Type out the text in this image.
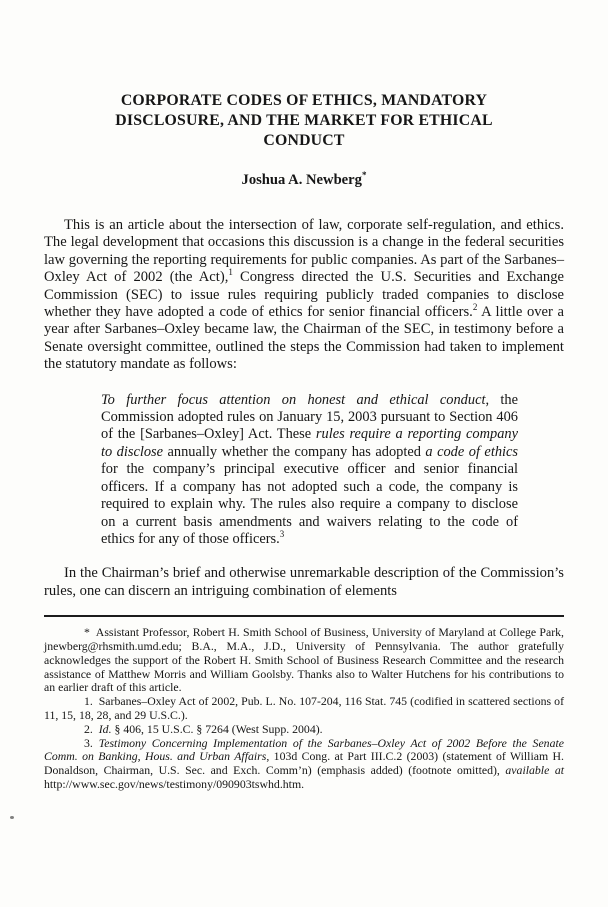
CORPORATE CODES OF ETHICS, MANDATORY DISCLOSURE, AND THE MARKET FOR ETHICAL CONDUCT
Joshua A. Newberg*

This is an article about the intersection of law, corporate self-regulation, and ethics. The legal development that occasions this discussion is a change in the federal securities law governing the reporting requirements for public companies. As part of the Sarbanes–Oxley Act of 2002 (the Act),$^1$ Congress directed the U.S. Securities and Exchange Commission (SEC) to issue rules requiring publicly traded companies to disclose whether they have adopted a code of ethics for senior financial officers.$^2$ A little over a year after Sarbanes–Oxley became law, the Chairman of the SEC, in testimony before a Senate oversight committee, outlined the steps the Commission had taken to implement the statutory mandate as follows:

To further focus attention on honest and ethical conduct, the Commission adopted rules on January 15, 2003 pursuant to Section 406 of the [Sarbanes–Oxley] Act. These rules require a reporting company to disclose annually whether the company has adopted a code of ethics for the company’s principal executive officer and senior financial officers. If a company has not adopted such a code, the company is required to explain why. The rules also require a company to disclose on a current basis amendments and waivers relating to the code of ethics for any of those officers.$^3$

In the Chairman’s brief and otherwise unremarkable description of the Commission’s rules, one can discern an intriguing combination of elements

* Assistant Professor, Robert H. Smith School of Business, University of Maryland at College Park, jnewberg@rhsmith.umd.edu; B.A., M.A., J.D., University of Pennsylvania. The author gratefully acknowledges the support of the Robert H. Smith School of Business Research Committee and the research assistance of Matthew Morris and William Goolsby. Thanks also to Walter Hutchens for his contributions to an earlier draft of this article.

1. Sarbanes–Oxley Act of 2002, Pub. L. No. 107-204, 116 Stat. 745 (codified in scattered sections of 11, 15, 18, 28, and 29 U.S.C.).

2. Id. § 406, 15 U.S.C. § 7264 (West Supp. 2004).

3. Testimony Concerning Implementation of the Sarbanes–Oxley Act of 2002 Before the Senate Comm. on Banking, Hous. and Urban Affairs, 103d Cong. at Part III.C.2 (2003) (statement of William H. Donaldson, Chairman, U.S. Sec. and Exch. Comm’n) (emphasis added) (footnote omitted), available at http://www.sec.gov/news/testimony/090903tswhd.htm.
